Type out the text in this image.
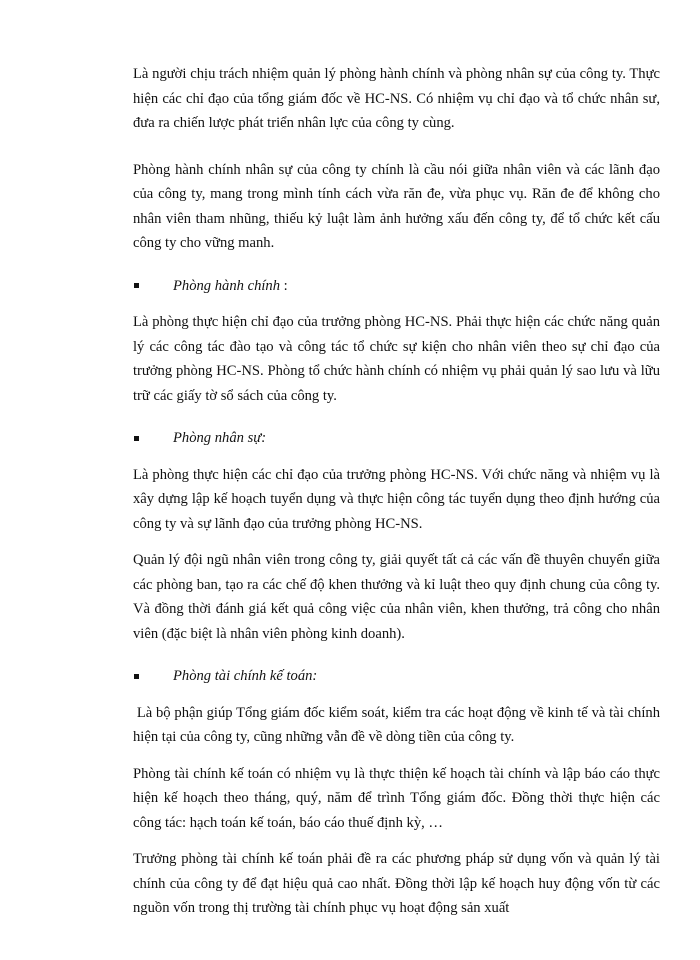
Là người chịu trách nhiệm quản lý phòng hành chính và phòng nhân sự của công ty. Thực hiện các chỉ đạo của tổng giám đốc về HC-NS. Có nhiệm vụ chỉ đạo và tổ chức nhân sư, đưa ra chiến lược phát triển nhân lực của công ty cùng.

Phòng hành chính nhân sự của công ty chính là cầu nói giữa nhân viên và các lãnh đạo của công ty, mang trong mình tính cách vừa răn đe, vừa phục vụ. Răn đe để không cho nhân viên tham nhũng, thiếu kỷ luật làm ảnh hưởng xấu đến công ty, để tổ chức kết cấu công ty cho vững manh.

Phòng hành chính :

Là phòng thực hiện chỉ đạo của trưởng phòng HC-NS. Phải thực hiện các chức năng quản lý các công tác đào tạo và công tác tổ chức sự kiện cho nhân viên theo sự chỉ đạo của trưởng phòng HC-NS. Phòng tổ chức hành chính có nhiệm vụ phải quản lý sao lưu và lữu trữ các giấy tờ sổ sách của công ty.

Phòng nhân sự:

Là phòng thực hiện các chỉ đạo của trưởng phòng HC-NS. Với chức năng và nhiệm vụ là xây dựng lập kế hoạch tuyển dụng và thực hiện công tác tuyển dụng theo định hướng của công ty và sự lãnh đạo của trưởng phòng HC-NS.

Quản lý đội ngũ nhân viên trong công ty, giải quyết tất cả các vấn đề thuyên chuyển giữa các phòng ban, tạo ra các chế độ khen thưởng và kỉ luật theo quy định chung của công ty. Và đồng thời đánh giá kết quả công việc của nhân viên, khen thưởng, trả công cho nhân viên (đặc biệt là nhân viên phòng kinh doanh).

Phòng tài chính kế toán:

Là bộ phận giúp Tổng giám đốc kiểm soát, kiểm tra các hoạt động về kinh tế và tài chính hiện tại của công ty, cũng những vẫn đề về dòng tiền của công ty.

Phòng tài chính kế toán có nhiệm vụ là thực thiện kế hoạch tài chính và lập báo cáo thực hiện kế hoạch theo tháng, quý, năm để trình Tổng giám đốc. Đồng thời thực hiện các công tác: hạch toán kế toán, báo cáo thuế định kỳ, …

Trưởng phòng tài chính kế toán phải đề ra các phương pháp sử dụng vốn và quản lý tài chính của công ty để đạt hiệu quả cao nhất. Đồng thời lập kế hoạch huy động vốn từ các nguồn vốn trong thị trường tài chính phục vụ hoạt động sản xuất
